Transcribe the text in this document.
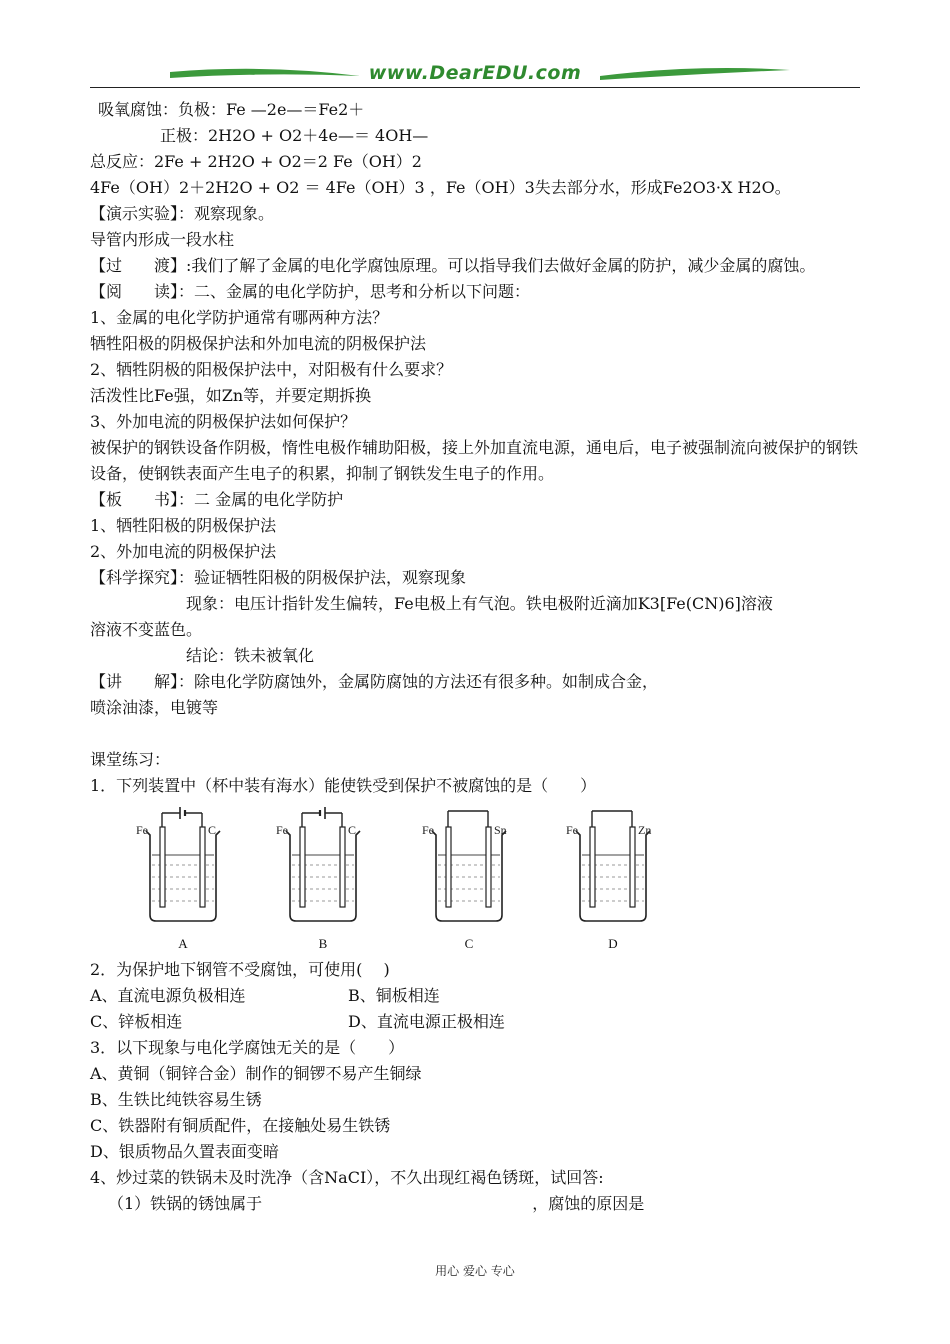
www.DearEDU.com
吸氧腐蚀：负极：Fe —2e—＝Fe2＋
正极：2H2O + O2＋4e—＝ 4OH—
总反应：2Fe + 2H2O + O2＝2 Fe（OH）2
4Fe（OH）2＋2H2O + O2 ＝ 4Fe（OH）3 ，Fe（OH）3失去部分水，形成Fe2O3·X H2O。
【演示实验】：观察现象。
导管内形成一段水柱
【过　　渡】:我们了解了金属的电化学腐蚀原理。可以指导我们去做好金属的防护，减少金属的腐蚀。
【阅　　读】：二、金属的电化学防护，思考和分析以下问题：
1、金属的电化学防护通常有哪两种方法？
牺牲阳极的阴极保护法和外加电流的阴极保护法
2、牺牲阴极的阳极保护法中，对阳极有什么要求？
活泼性比Fe强，如Zn等，并要定期拆换
3、外加电流的阴极保护法如何保护？
被保护的钢铁设备作阴极，惰性电极作辅助阳极，接上外加直流电源，通电后，电子被强制流向被保护的钢铁设备，使钢铁表面产生电子的积累，抑制了钢铁发生电子的作用。
【板　　书】：二 金属的电化学防护
1、牺牲阳极的阴极保护法
2、外加电流的阴极保护法
【科学探究】：验证牺牲阳极的阴极保护法，观察现象
现象：电压计指针发生偏转，Fe电极上有气泡。铁电极附近滴加K3[Fe(CN)6]溶液
溶液不变蓝色。
结论：铁未被氧化
【讲　　解】：除电化学防腐蚀外，金属防腐蚀的方法还有很多种。如制成合金，
喷涂油漆，电镀等
课堂练习：
1．下列装置中（杯中装有海水）能使铁受到保护不被腐蚀的是（　　）
Fe	C
A
Fe	C
B
Fe	Sn
C
Fe	Zn
D
2．为保护地下钢管不受腐蚀，可使用(　 )
A、直流电源负极相连	B、铜板相连
C、锌板相连	D、直流电源正极相连
3．以下现象与电化学腐蚀无关的是（　　）
A、黄铜（铜锌合金）制作的铜锣不易产生铜绿
B、生铁比纯铁容易生锈
C、铁器附有铜质配件，在接触处易生铁锈
D、银质物品久置表面变暗
4、炒过菜的铁锅未及时洗净（含NaCI），不久出现红褐色锈斑，试回答:
（1）铁锅的锈蚀属于	，腐蚀的原因是
用心 爱心 专心
